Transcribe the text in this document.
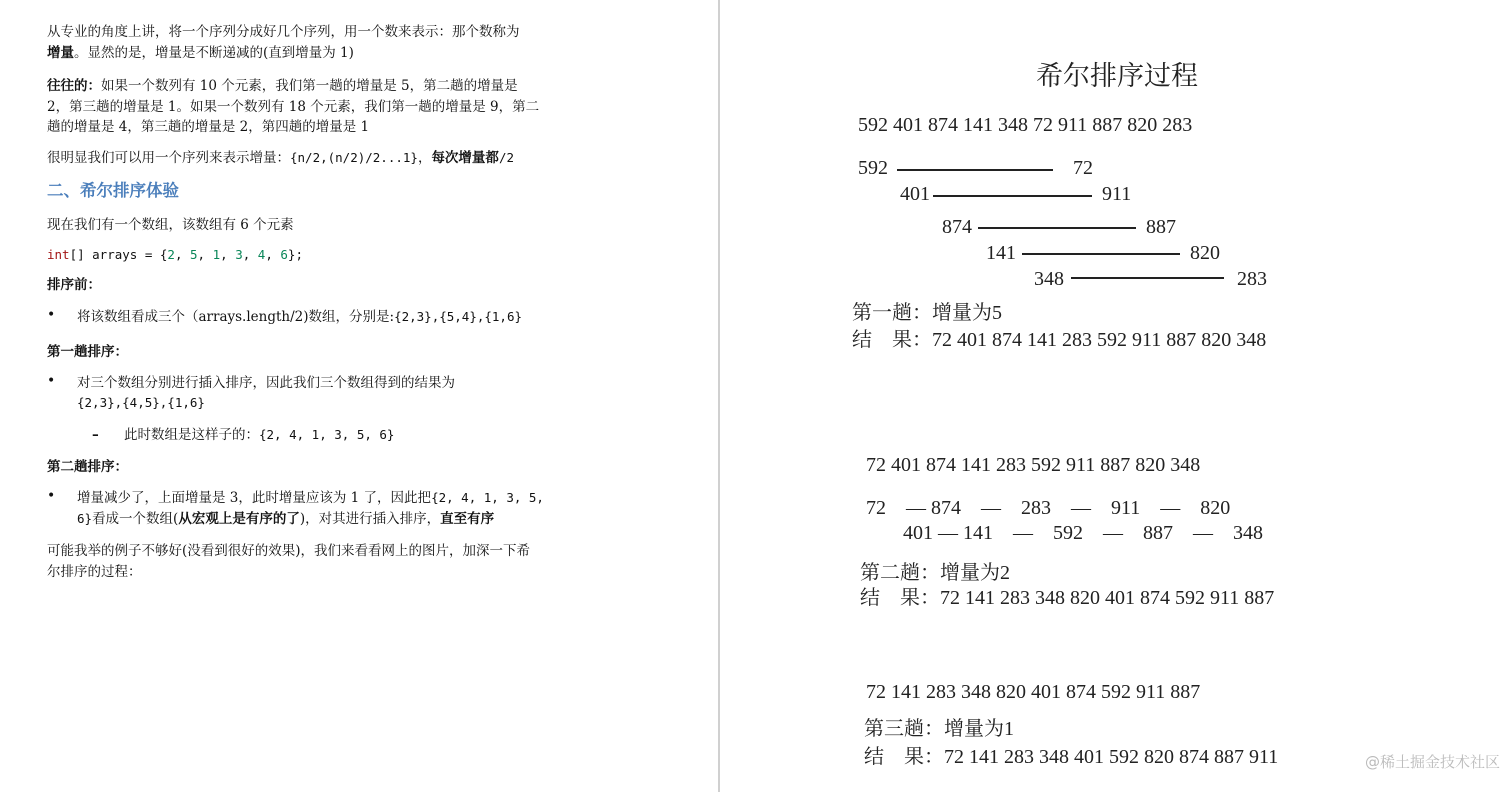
从专业的角度上讲，将一个序列分成好几个序列，用一个数来表示：那个数称为
增量。显然的是，增量是不断递减的(直到增量为 1)
往往的：如果一个数列有 10 个元素，我们第一趟的增量是 5，第二趟的增量是
2，第三趟的增量是 1。如果一个数列有 18 个元素，我们第一趟的增量是 9，第二
趟的增量是 4，第三趟的增量是 2，第四趟的增量是 1
很明显我们可以用一个序列来表示增量：{n/2,(n/2)/2...1}，每次增量都/2
二、希尔排序体验
现在我们有一个数组，该数组有 6 个元素
int[] arrays = {2, 5, 1, 3, 4, 6};
排序前：
• 将该数组看成三个（arrays.length/2)数组，分别是:{2,3},{5,4},{1,6}
第一趟排序：
• 对三个数组分别进行插入排序，因此我们三个数组得到的结果为
{2,3},{4,5},{1,6}
– 此时数组是这样子的：{2, 4, 1, 3, 5, 6}
第二趟排序：
• 增量减少了，上面增量是 3，此时增量应该为 1 了，因此把{2, 4, 1, 3, 5,
6}看成一个数组(从宏观上是有序的了)，对其进行插入排序，直至有序
可能我举的例子不够好(没看到很好的效果)，我们来看看网上的图片，加深一下希
尔排序的过程：
希尔排序过程
592 401 874 141 348 72 911 887 820 283
592	72
401	911
874	887
141	820
348	283
第一趟：增量为5
结　果：72 401 874 141 283 592 911 887 820 348
72 401 874 141 283 592 911 887 820 348
72　— 874　—　283　—　911　—　820
401 — 141　—　592　—　887　—　348
第二趟：增量为2
结　果：72 141 283 348 820 401 874 592 911 887
72 141 283 348 820 401 874 592 911 887
第三趟：增量为1
结　果：72 141 283 348 401 592 820 874 887 911	@稀土掘金技术社区
